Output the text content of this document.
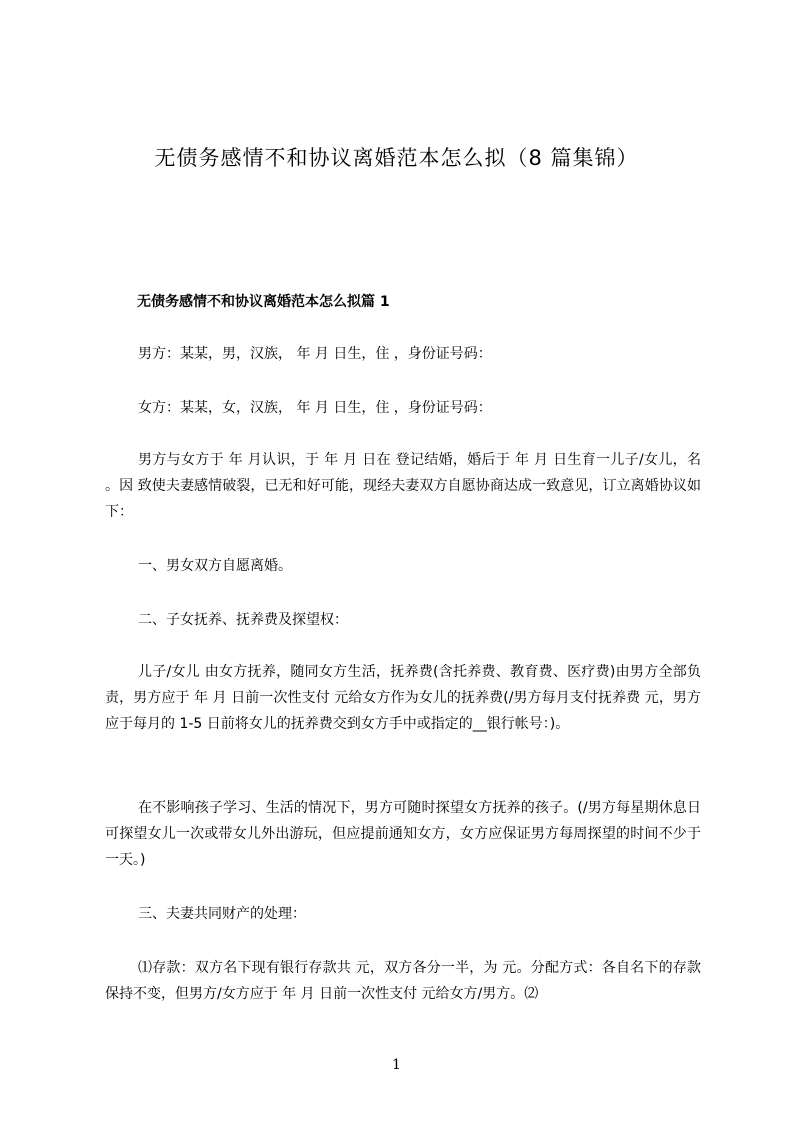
无债务感情不和协议离婚范本怎么拟（8 篇集锦）
无债务感情不和协议离婚范本怎么拟篇 1

男方：某某，男，汉族， 年 月 日生，住 ，身份证号码：

女方：某某，女，汉族， 年 月 日生，住 ，身份证号码：

男方与女方于 年 月认识，于 年 月 日在 登记结婚，婚后于 年 月 日生育一儿子/女儿，名 。因 致使夫妻感情破裂，已无和好可能，现经夫妻双方自愿协商达成一致意见，订立离婚协议如下：

一、男女双方自愿离婚。

二、子女抚养、抚养费及探望权：

儿子/女儿 由女方抚养，随同女方生活，抚养费(含托养费、教育费、医疗费)由男方全部负责，男方应于 年 月 日前一次性支付 元给女方作为女儿的抚养费(/男方每月支付抚养费 元，男方应于每月的 1-5 日前将女儿的抚养费交到女方手中或指定的__银行帐号：)。

在不影响孩子学习、生活的情况下，男方可随时探望女方抚养的孩子。(/男方每星期休息日可探望女儿一次或带女儿外出游玩，但应提前通知女方，女方应保证男方每周探望的时间不少于一天。)

三、夫妻共同财产的处理：

⑴存款：双方名下现有银行存款共 元，双方各分一半，为 元。分配方式：各自名下的存款保持不变，但男方/女方应于 年 月 日前一次性支付 元给女方/男方。⑵

1
